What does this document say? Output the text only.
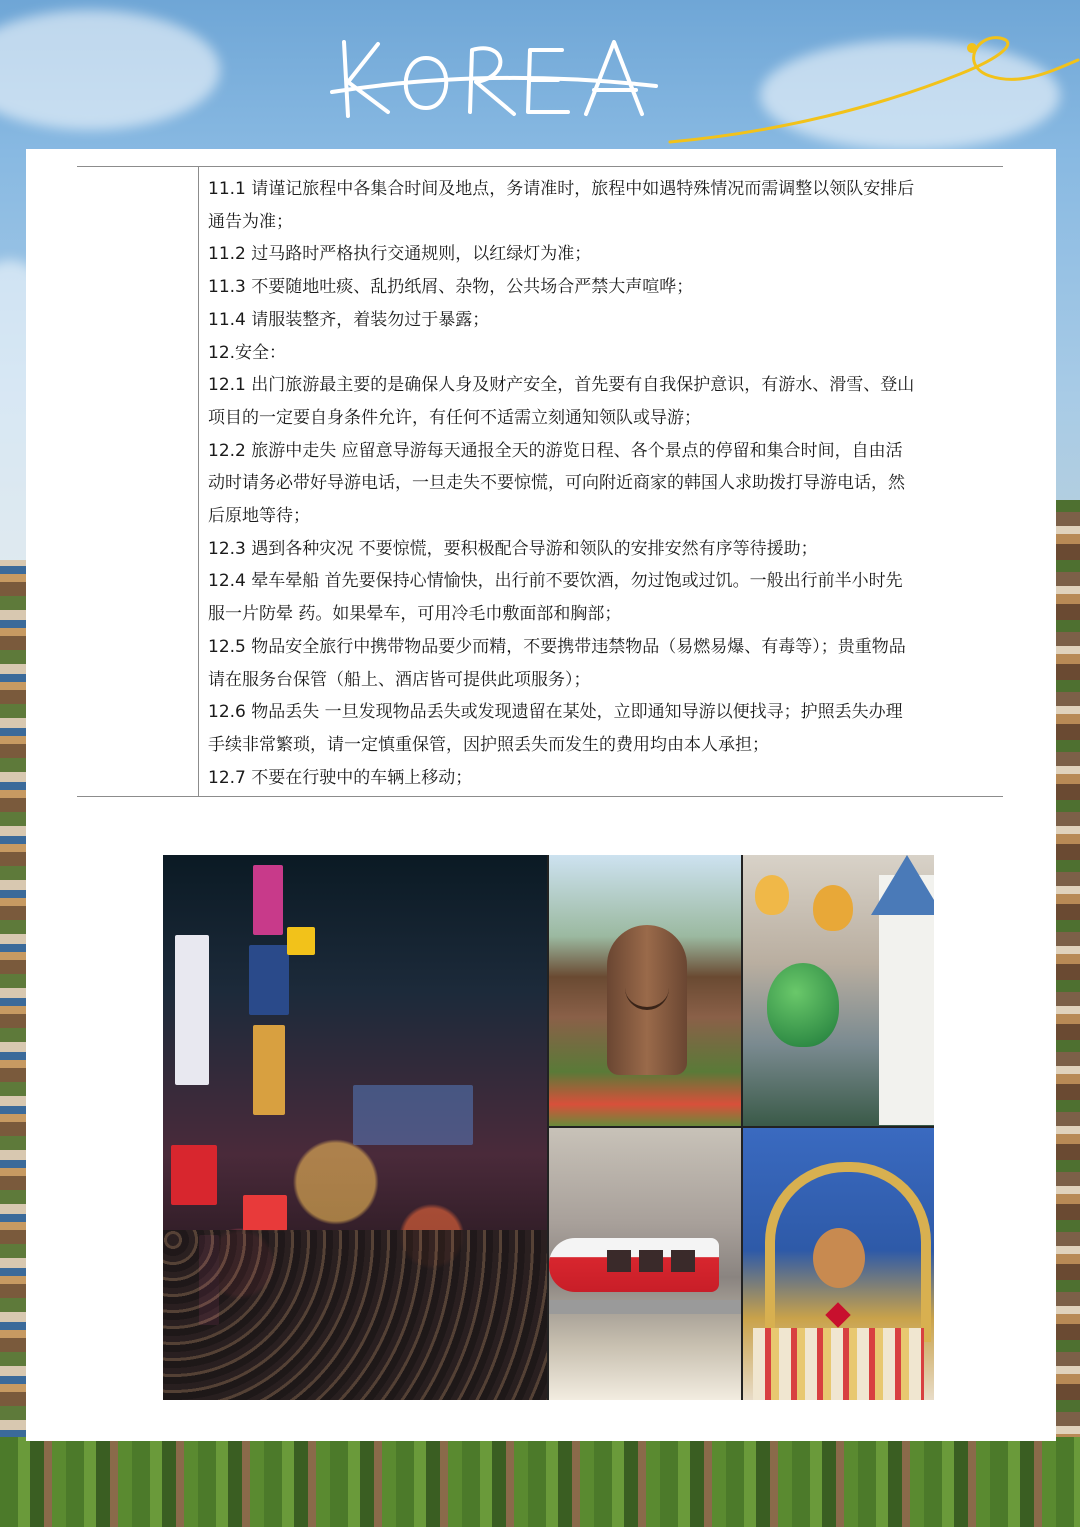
11.1 请谨记旅程中各集合时间及地点，务请准时，旅程中如遇特殊情况而需调整以领队安排后
通告为准；
11.2 过马路时严格执行交通规则，以红绿灯为准；
11.3 不要随地吐痰、乱扔纸屑、杂物，公共场合严禁大声喧哗；
11.4 请服装整齐，着装勿过于暴露；
12.安全：
12.1 出门旅游最主要的是确保人身及财产安全，首先要有自我保护意识，有游水、滑雪、登山
项目的一定要自身条件允许，有任何不适需立刻通知领队或导游；
12.2 旅游中走失 应留意导游每天通报全天的游览日程、各个景点的停留和集合时间，自由活
动时请务必带好导游电话，一旦走失不要惊慌，可向附近商家的韩国人求助拨打导游电话，然
后原地等待；
12.3 遇到各种灾况 不要惊慌，要积极配合导游和领队的安排安然有序等待援助；
12.4 晕车晕船 首先要保持心情愉快，出行前不要饮酒，勿过饱或过饥。一般出行前半小时先
服一片防晕 药。如果晕车，可用冷毛巾敷面部和胸部；
12.5 物品安全旅行中携带物品要少而精，不要携带违禁物品（易燃易爆、有毒等）；贵重物品
请在服务台保管（船上、酒店皆可提供此项服务）；
12.6 物品丢失 一旦发现物品丢失或发现遗留在某处，立即通知导游以便找寻；护照丢失办理
手续非常繁琐，请一定慎重保管，因护照丢失而发生的费用均由本人承担；
12.7 不要在行驶中的车辆上移动；
